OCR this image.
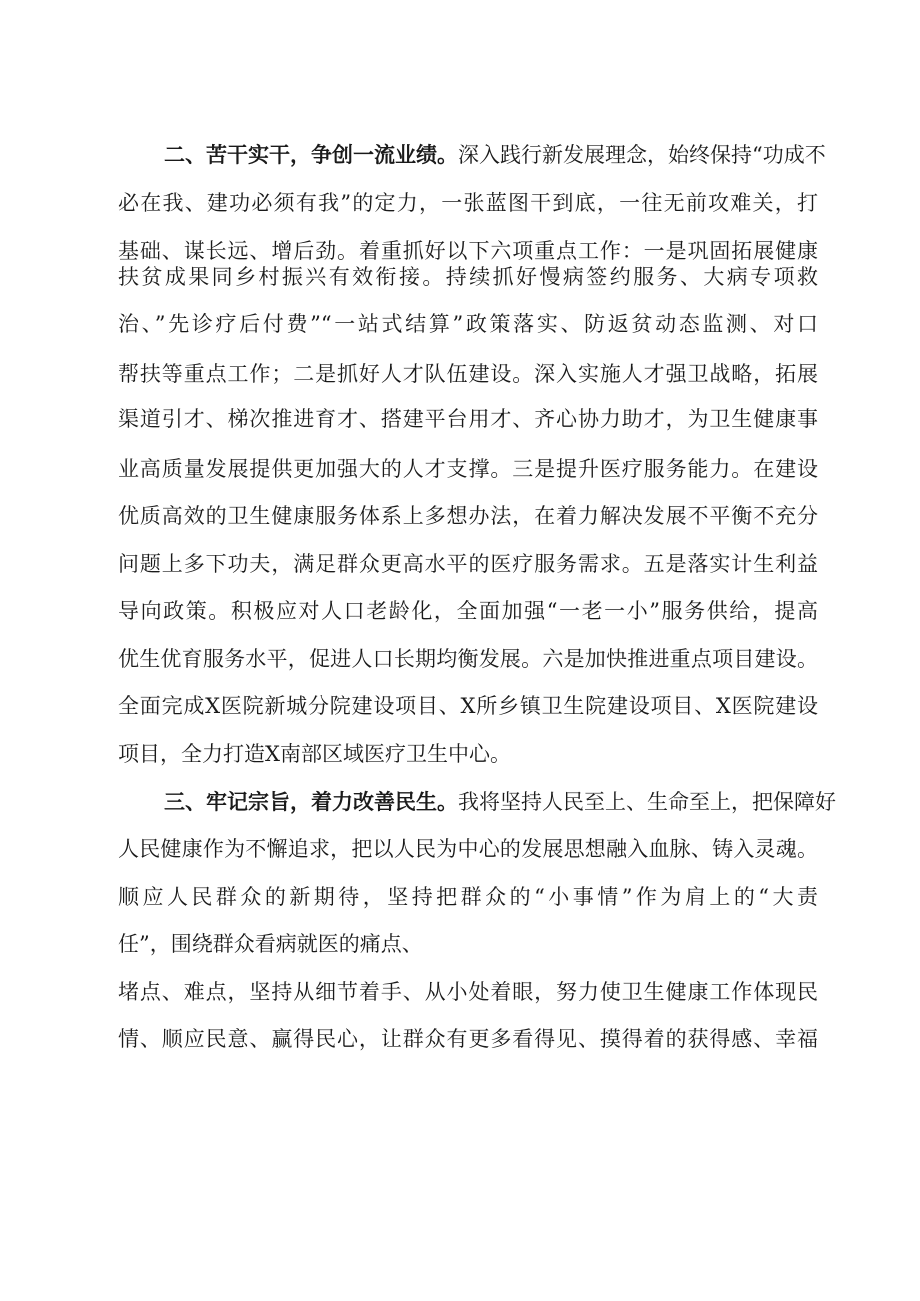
二、苦干实干，争创一流业绩。深入践行新发展理念，始终保持“功成不
必在我、建功必须有我”的定力，一张蓝图干到底，一往无前攻难关，打
基础、谋长远、增后劲。着重抓好以下六项重点工作：一是巩固拓展健康
扶贫成果同乡村振兴有效衔接。持续抓好慢病签约服务、大病专项救
治、”先诊疗后付费”“一站式结算”政策落实、防返贫动态监测、对口
帮扶等重点工作；二是抓好人才队伍建设。深入实施人才强卫战略，拓展
渠道引才、梯次推进育才、搭建平台用才、齐心协力助才，为卫生健康事
业高质量发展提供更加强大的人才支撑。三是提升医疗服务能力。在建设
优质高效的卫生健康服务体系上多想办法，在着力解决发展不平衡不充分
问题上多下功夫，满足群众更高水平的医疗服务需求。五是落实计生利益
导向政策。积极应对人口老龄化，全面加强“一老一小”服务供给，提高
优生优育服务水平，促进人口长期均衡发展。六是加快推进重点项目建设。
全面完成X医院新城分院建设项目、X所乡镇卫生院建设项目、X医院建设
项目，全力打造X南部区域医疗卫生中心。
三、牢记宗旨，着力改善民生。我将坚持人民至上、生命至上，把保障好
人民健康作为不懈追求，把以人民为中心的发展思想融入血脉、铸入灵魂。
顺应人民群众的新期待，坚持把群众的“小事情”作为肩上的“大责
任”，围绕群众看病就医的痛点、
堵点、难点，坚持从细节着手、从小处着眼，努力使卫生健康工作体现民
情、顺应民意、赢得民心，让群众有更多看得见、摸得着的获得感、幸福
